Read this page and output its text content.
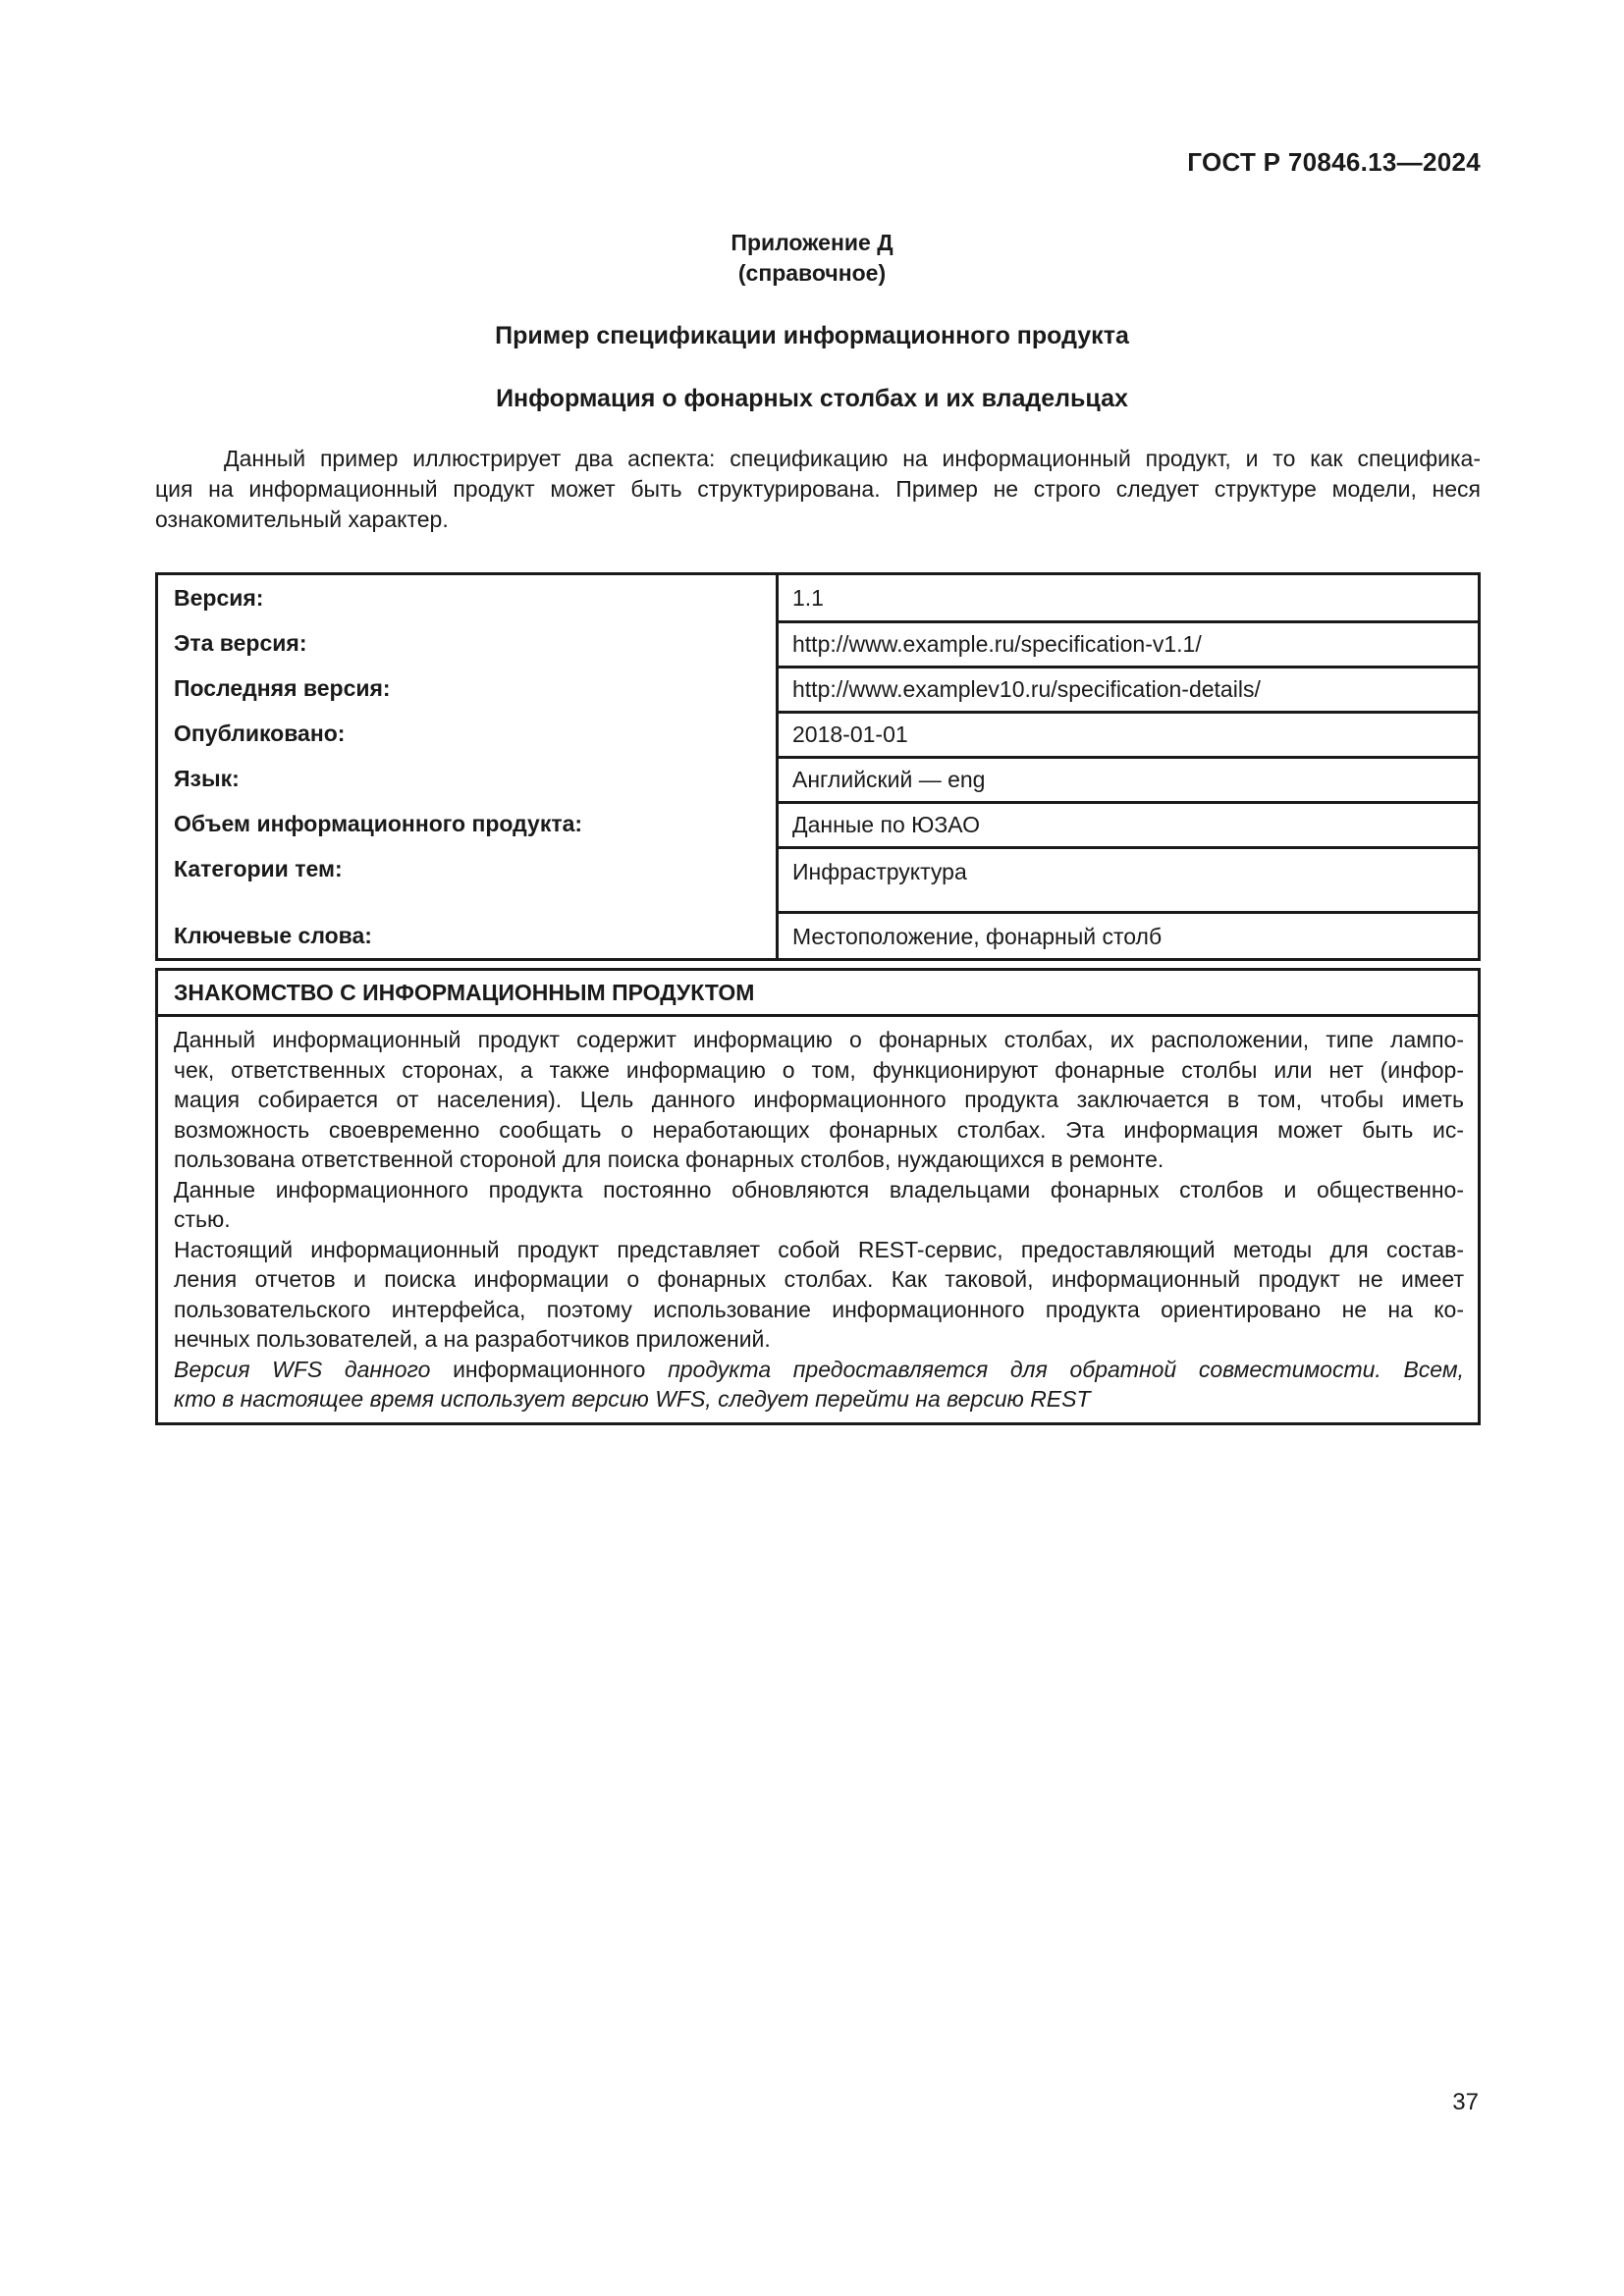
ГОСТ Р 70846.13—2024
Приложение Д
(справочное)
Пример спецификации информационного продукта
Информация о фонарных столбах и их владельцах
Данный пример иллюстрирует два аспекта: спецификацию на информационный продукт, и то как специфика-
ция на информационный продукт может быть структурирована. Пример не строго следует структуре модели, неся
ознакомительный характер.
Версия:	1.1
Эта версия:	http://www.example.ru/specification-v1.1/
Последняя версия:	http://www.examplev10.ru/specification-details/
Опубликовано:	2018-01-01
Язык:	Английский — eng
Объем информационного продукта:	Данные по ЮЗАО
Категории тем:	Инфраструктура
Ключевые слова:	Местоположение, фонарный столб
ЗНАКОМСТВО С ИНФОРМАЦИОННЫМ ПРОДУКТОМ
Данный информационный продукт содержит информацию о фонарных столбах, их расположении, типе лампо-
чек, ответственных сторонах, а также информацию о том, функционируют фонарные столбы или нет (инфор-
мация собирается от населения). Цель данного информационного продукта заключается в том, чтобы иметь
возможность своевременно сообщать о неработающих фонарных столбах. Эта информация может быть ис-
пользована ответственной стороной для поиска фонарных столбов, нуждающихся в ремонте.
Данные информационного продукта постоянно обновляются владельцами фонарных столбов и общественно-
стью.
Настоящий информационный продукт представляет собой REST-сервис, предоставляющий методы для состав-
ления отчетов и поиска информации о фонарных столбах. Как таковой, информационный продукт не имеет
пользовательского интерфейса, поэтому использование информационного продукта ориентировано не на ко-
нечных пользователей, а на разработчиков приложений.
Версия WFS данного информационного продукта предоставляется для обратной совместимости. Всем,
кто в настоящее время использует версию WFS, следует перейти на версию REST
37
